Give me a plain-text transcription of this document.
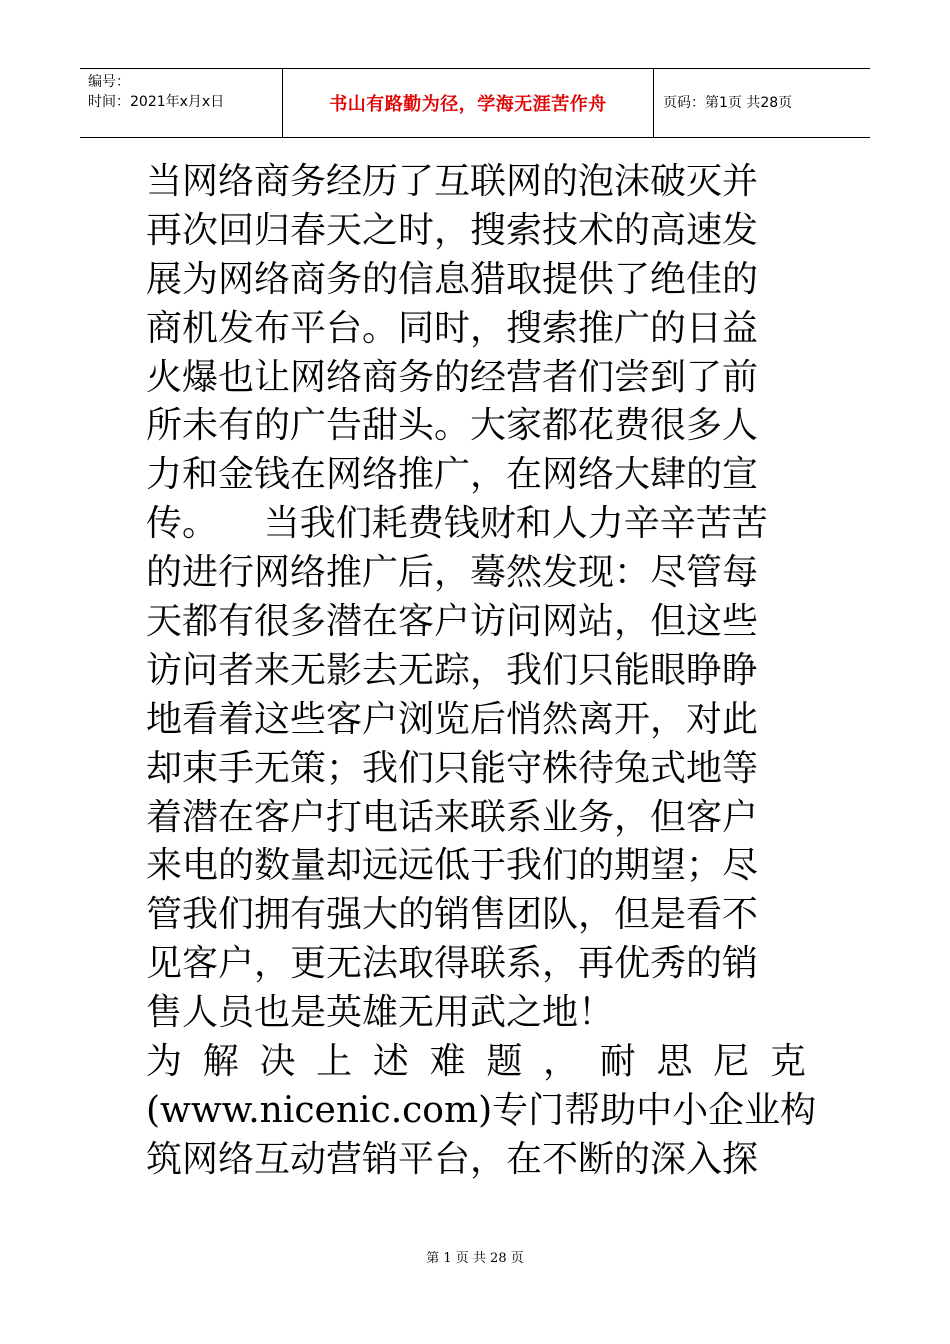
编号：
时间：2021年x月x日	书山有路勤为径，学海无涯苦作舟	页码：第1页 共28页
当网络商务经历了互联网的泡沫破灭并
再次回归春天之时，搜索技术的高速发
展为网络商务的信息猎取提供了绝佳的
商机发布平台。同时，搜索推广的日益
火爆也让网络商务的经营者们尝到了前
所未有的广告甜头。大家都花费很多人
力和金钱在网络推广，在网络大肆的宣
传。    当我们耗费钱财和人力辛辛苦苦
的进行网络推广后，蓦然发现：尽管每
天都有很多潜在客户访问网站，但这些
访问者来无影去无踪，我们只能眼睁睁
地看着这些客户浏览后悄然离开，对此
却束手无策；我们只能守株待兔式地等
着潜在客户打电话来联系业务，但客户
来电的数量却远远低于我们的期望；尽
管我们拥有强大的销售团队，但是看不
见客户，更无法取得联系，再优秀的销
售人员也是英雄无用武之地！
为 解 决 上 述 难 题 ， 耐 思 尼 克
(www.nicenic.com)专门帮助中小企业构
筑网络互动营销平台，在不断的深入探
第 1 页 共 28 页
